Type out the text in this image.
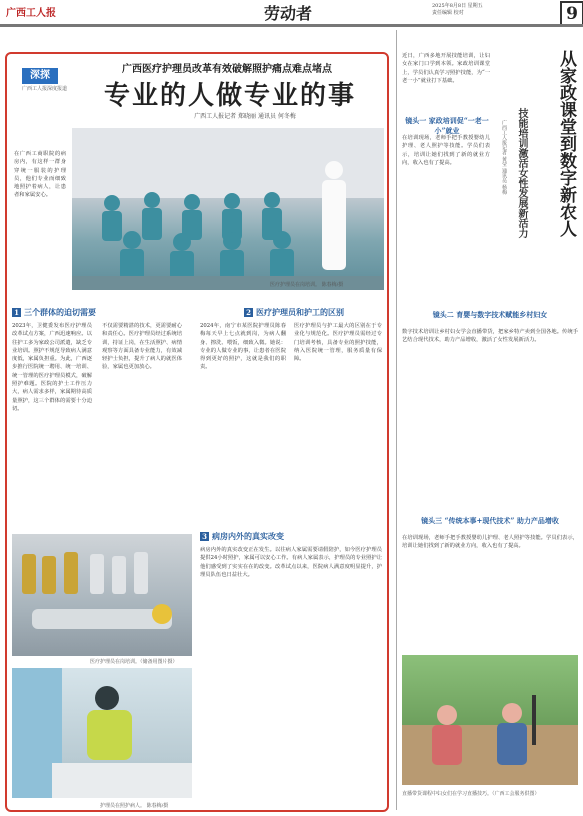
广西工人报	劳动者	2025年8月8日 星期五
责任编辑 校对	9
深探
广西工人报深度报道
广西医疗护理员改革有效破解照护痛点难点堵点
专业的人做专业的事
广西工人报记者 郑晓丽 通讯员 何冬梅
医疗护理员在岗培训。 陈春梅/摄
在广西工商职院的病房内，有这样一群身穿统一服装的护理员，他们专业而细致地照护着病人，让患者和家属安心。
1 三个群体的迫切需要	2 医疗护理员和护工的区别
2023年，卫健委发布医疗护理员改革试点方案，广西迅速响应。以往护工多为家政公司派遣，缺乏专业培训。照护不规范导致病人满意度低，家属负担重。为此，广西逐步推行医院统一聘用、统一培训、统一管理的医疗护理员模式，破解照护难题。医院的护士工作压力大，病人需求多样，家属期待高质量照护，这三个群体的需要十分迫切。
不仅需要精湛的技术，更需要耐心和责任心。医疗护理员经过系统培训，持证上岗，在生活照护、病情观察等方面具备专业能力，有效减轻护士负担，提升了病人的就医体验，家属也更加放心。
2024年，南宁市某医院护理员陈春梅每天早上七点就到岗，为病人翻身、擦洗、喂饭，细致入微。她说：专业的人做专业的事，让患者在医院得到更好的照护，这就是我们的职责。
医疗护理员与护工最大的区别在于专业化与规范化。医疗护理员需经过专门培训考核，具备专业的照护技能，纳入医院统一管理，服务质量有保障。
医疗护理员在岗培训。（储备用图片摄）
3 病房内外的真实改变
病房内外的真实改变正在发生。以往病人家属需要请假陪护，如今医疗护理员提供24小时照护，家属可以安心工作。有病人家属表示，护理员的专业照护让他们感受到了实实在在的改变。改革试点以来，医院病人满意度明显提升，护理员队伍也日益壮大。
护理员在照护病人。 陈春梅/摄
从家政课堂到数字新农人
技能培训激活女性发展新活力
广西工人报记者 黄莹 通讯员 杨梅
近日，广西多地开展技能培训，让妇女在家门口学到本领。家政培训课堂上，学员们认真学习照护技能，为“一老一小”就业打下基础。
镜头一 家政培训促“一老一小”就业
在培训现场，老师手把手教授婴幼儿护理、老人照护等技能。学员们表示，培训让她们找到了新的就业方向，收入也有了提高。
镜头二 育婴与数字技术赋能乡村妇女
数字技术培训让乡村妇女学会直播带货，把家乡特产卖到全国各地。传统手艺结合现代技术，助力产品增收，激活了女性发展新活力。
镜头三 “传统本事+现代技术” 助力产品增收
在培训现场，老师手把手教授婴幼儿护理、老人照护等技能。学员们表示，培训让她们找到了新的就业方向，收入也有了提高。
直播带货课程中妇女们在学习直播技巧。（广西工会服务供图）
